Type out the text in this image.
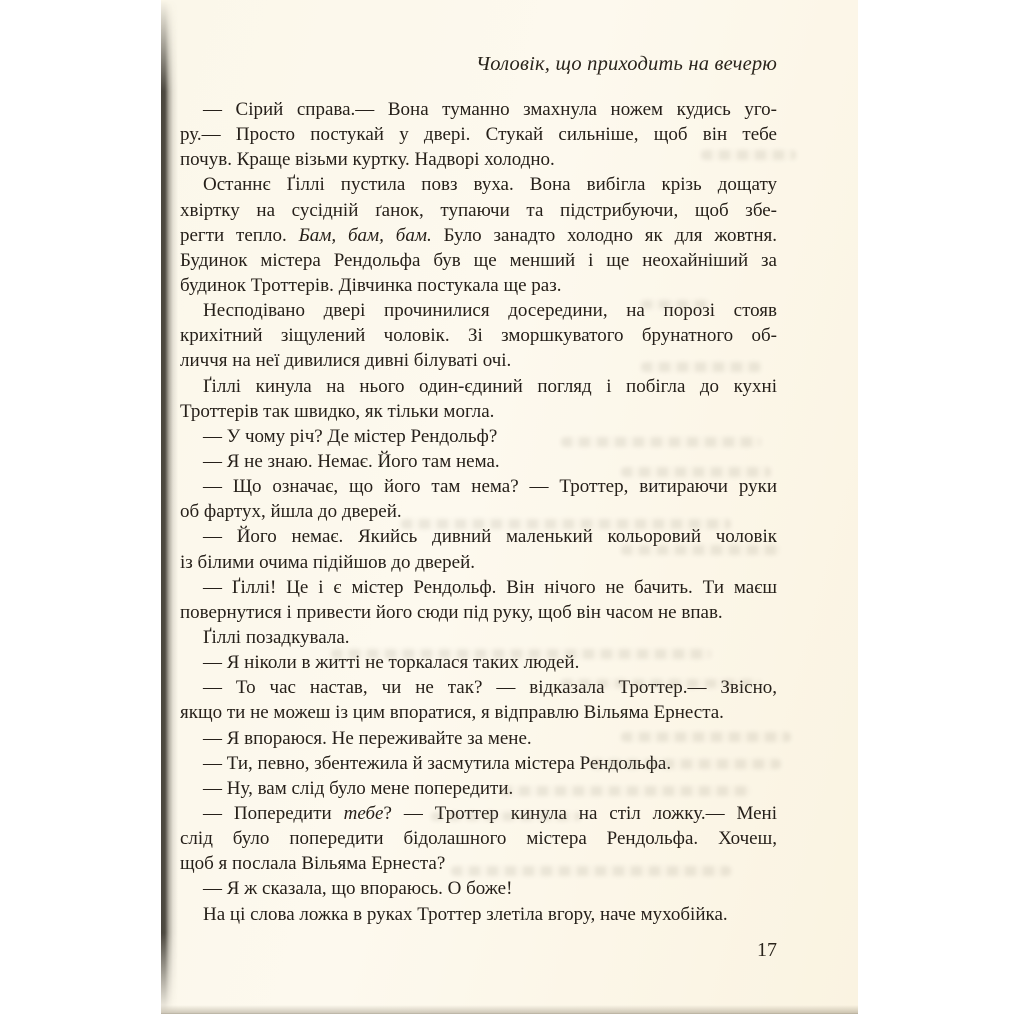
Чоловік, що приходить на вечерю
— Сірий справа.— Вона туманно змахнула ножем кудись уго-
ру.— Просто постукай у двері. Стукай сильніше, щоб він тебе
почув. Краще візьми куртку. Надворі холодно.
Останнє Ґіллі пустила повз вуха. Вона вибігла крізь дощату
хвіртку на сусідній ґанок, тупаючи та підстрибуючи, щоб збе-
регти тепло. Бам, бам, бам. Було занадто холодно як для жовтня.
Будинок містера Рендольфа був ще менший і ще неохайніший за
будинок Троттерів. Дівчинка постукала ще раз.
Несподівано двері прочинилися досередини, на порозі стояв
крихітний зіщулений чоловік. Зі зморшкуватого брунатного об-
личчя на неї дивилися дивні білуваті очі.
Ґіллі кинула на нього один-єдиний погляд і побігла до кухні
Троттерів так швидко, як тільки могла.
— У чому річ? Де містер Рендольф?
— Я не знаю. Немає. Його там нема.
— Що означає, що його там нема? — Троттер, витираючи руки
об фартух, йшла до дверей.
— Його немає. Якийсь дивний маленький кольоровий чоловік
із білими очима підійшов до дверей.
— Ґіллі! Це і є містер Рендольф. Він нічого не бачить. Ти маєш
повернутися і привести його сюди під руку, щоб він часом не впав.
Ґіллі позадкувала.
— Я ніколи в житті не торкалася таких людей.
— То час настав, чи не так? — відказала Троттер.— Звісно,
якщо ти не можеш із цим впоратися, я відправлю Вільяма Ернеста.
— Я впораюся. Не переживайте за мене.
— Ти, певно, збентежила й засмутила містера Рендольфа.
— Ну, вам слід було мене попередити.
— Попередити тебе? — Троттер кинула на стіл ложку.— Мені
слід було попередити бідолашного містера Рендольфа. Хочеш,
щоб я послала Вільяма Ернеста?
— Я ж сказала, що впораюсь. О боже!
На ці слова ложка в руках Троттер злетіла вгору, наче мухобійка.
17
